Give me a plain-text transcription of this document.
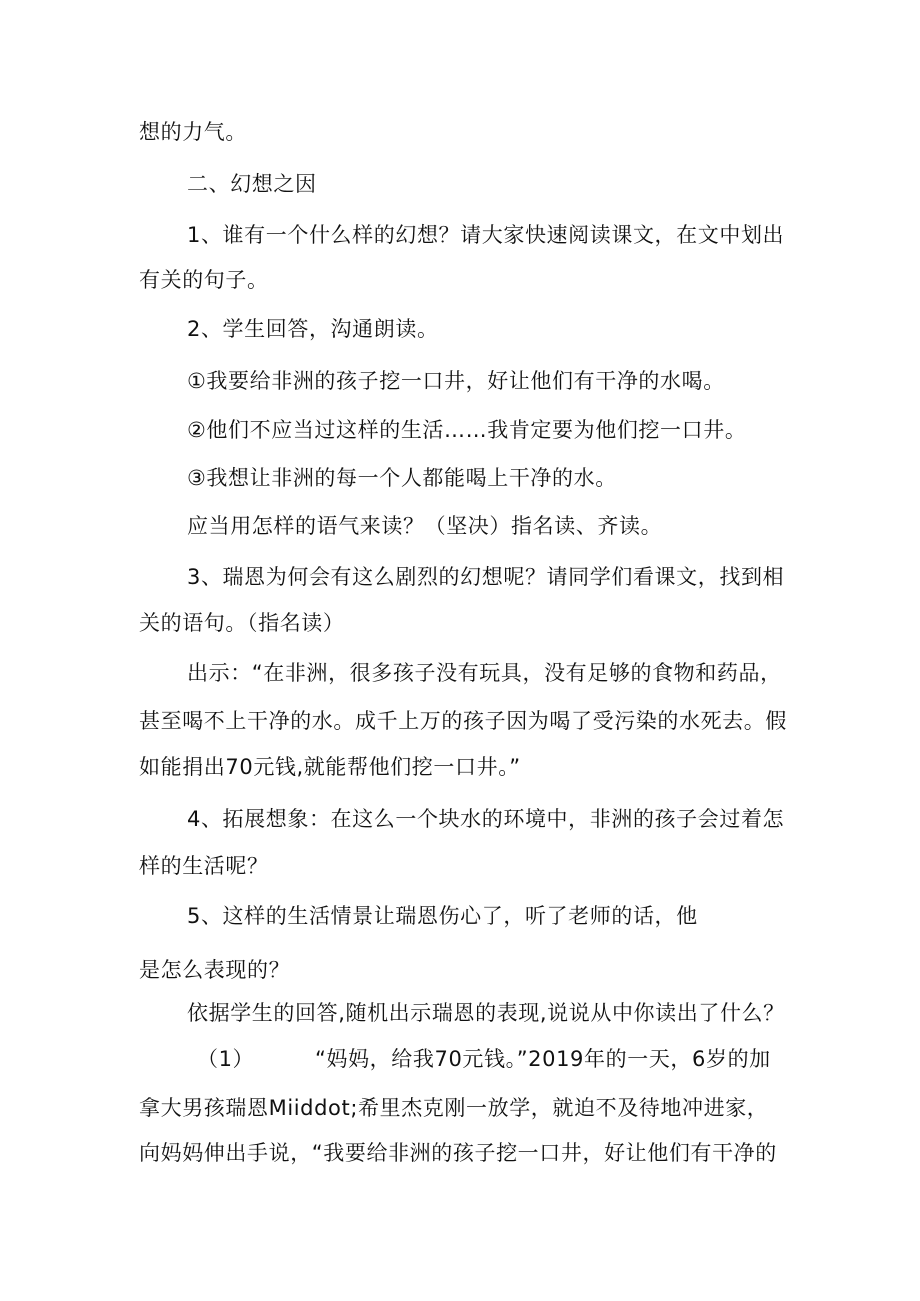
想的力气。
二、幻想之因
1、谁有一个什么样的幻想？请大家快速阅读课文，在文中划出
有关的句子。
2、学生回答，沟通朗读。
①我要给非洲的孩子挖一口井，好让他们有干净的水喝。
②他们不应当过这样的生活……我肯定要为他们挖一口井。
③我想让非洲的每一个人都能喝上干净的水。
应当用怎样的语气来读？（坚决）指名读、齐读。
3、瑞恩为何会有这么剧烈的幻想呢？请同学们看课文，找到相
关的语句。（指名读）
出示：“在非洲，很多孩子没有玩具，没有足够的食物和药品，
甚至喝不上干净的水。成千上万的孩子因为喝了受污染的水死去。假
如能捐出70元钱,就能帮他们挖一口井。”
4、拓展想象：在这么一个块水的环境中，非洲的孩子会过着怎
样的生活呢？
5、这样的生活情景让瑞恩伤心了，听了老师的话，他
是怎么表现的？
依据学生的回答,随机出示瑞恩的表现,说说从中你读出了什么？
（1）	“妈妈，给我70元钱。”2019年的一天，6岁的加
拿大男孩瑞恩Miiddot;希里杰克刚一放学，就迫不及待地冲进家，
向妈妈伸出手说，“我要给非洲的孩子挖一口井，好让他们有干净的
